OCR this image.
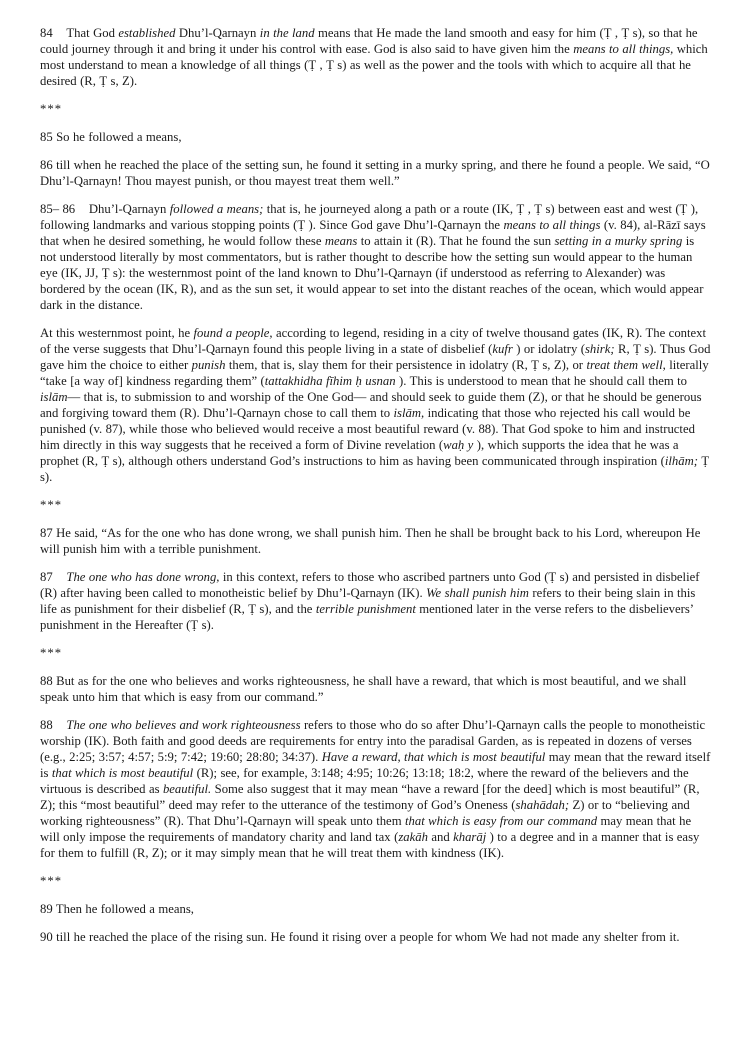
84    That God established Dhu’l-Qarnayn in the land means that He made the land smooth and easy for him (Ṭ , Ṭ s), so that he could journey through it and bring it under his control with ease. God is also said to have given him the means to all things, which most understand to mean a knowledge of all things (Ṭ , Ṭ s) as well as the power and the tools with which to acquire all that he desired (R, Ṭ s, Z).

***

85 So he followed a means,

86 till when he reached the place of the setting sun, he found it setting in a murky spring, and there he found a people. We said, “O Dhu’l-Qarnayn! Thou mayest punish, or thou mayest treat them well.”

85– 86    Dhu’l-Qarnayn followed a means; that is, he journeyed along a path or a route (IK, Ṭ , Ṭ s) between east and west (Ṭ ), following landmarks and various stopping points (Ṭ ). Since God gave Dhu’l-Qarnayn the means to all things (v. 84), al-Rāzī says that when he desired something, he would follow these means to attain it (R). That he found the sun setting in a murky spring is not understood literally by most commentators, but is rather thought to describe how the setting sun would appear to the human eye (IK, JJ, Ṭ s): the westernmost point of the land known to Dhu’l-Qarnayn (if understood as referring to Alexander) was bordered by the ocean (IK, R), and as the sun set, it would appear to set into the distant reaches of the ocean, which would appear dark in the distance.

At this westernmost point, he found a people, according to legend, residing in a city of twelve thousand gates (IK, R). The context of the verse suggests that Dhu’l-Qarnayn found this people living in a state of disbelief (kufr ) or idolatry (shirk; R, Ṭ s). Thus God gave him the choice to either punish them, that is, slay them for their persistence in idolatry (R, Ṭ s, Z), or treat them well, literally “take [a way of] kindness regarding them” (tattakhidha fīhim ḥ usnan ). This is understood to mean that he should call them to islām— that is, to submission to and worship of the One God— and should seek to guide them (Z), or that he should be generous and forgiving toward them (R). Dhu’l-Qarnayn chose to call them to islām, indicating that those who rejected his call would be punished (v. 87), while those who believed would receive a most beautiful reward (v. 88). That God spoke to him and instructed him directly in this way suggests that he received a form of Divine revelation (waḥ y ), which supports the idea that he was a prophet (R, Ṭ s), although others understand God’s instructions to him as having been communicated through inspiration (ilhām; Ṭ s).

***

87 He said, “As for the one who has done wrong, we shall punish him. Then he shall be brought back to his Lord, whereupon He will punish him with a terrible punishment.

87    The one who has done wrong, in this context, refers to those who ascribed partners unto God (Ṭ s) and persisted in disbelief (R) after having been called to monotheistic belief by Dhu’l-Qarnayn (IK). We shall punish him refers to their being slain in this life as punishment for their disbelief (R, Ṭ s), and the terrible punishment mentioned later in the verse refers to the disbelievers’ punishment in the Hereafter (Ṭ s).

***

88 But as for the one who believes and works righteousness, he shall have a reward, that which is most beautiful, and we shall speak unto him that which is easy from our command.”

88    The one who believes and work righteousness refers to those who do so after Dhu’l-Qarnayn calls the people to monotheistic worship (IK). Both faith and good deeds are requirements for entry into the paradisal Garden, as is repeated in dozens of verses (e.g., 2:25; 3:57; 4:57; 5:9; 7:42; 19:60; 28:80; 34:37). Have a reward, that which is most beautiful may mean that the reward itself is that which is most beautiful (R); see, for example, 3:148; 4:95; 10:26; 13:18; 18:2, where the reward of the believers and the virtuous is described as beautiful. Some also suggest that it may mean “have a reward [for the deed] which is most beautiful” (R, Z); this “most beautiful” deed may refer to the utterance of the testimony of God’s Oneness (shahādah; Z) or to “believing and working righteousness” (R). That Dhu’l-Qarnayn will speak unto them that which is easy from our command may mean that he will only impose the requirements of mandatory charity and land tax (zakāh and kharāj ) to a degree and in a manner that is easy for them to fulfill (R, Z); or it may simply mean that he will treat them with kindness (IK).

***

89 Then he followed a means,

90 till he reached the place of the rising sun. He found it rising over a people for whom We had not made any shelter from it.
